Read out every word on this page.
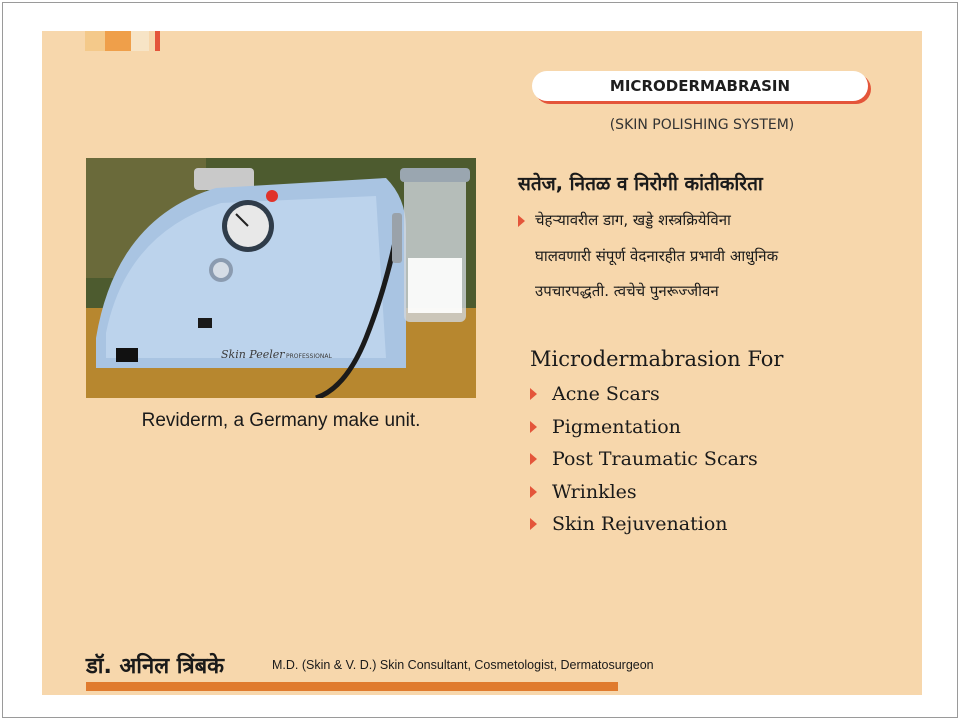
MICRODERMABRASIN
(SKIN POLISHING SYSTEM)
Skin Peeler PROFESSIONAL
Reviderm, a Germany make unit.
सतेज, नितळ व निरोगी कांतीकरिता
चेहऱ्यावरील डाग, खड्डे शस्त्रक्रियेविना
घालवणारी संपूर्ण वेदनारहीत प्रभावी आधुनिक
उपचारपद्धती. त्वचेचे पुनरूज्जीवन
Microdermabrasion For
Acne Scars
Pigmentation
Post Traumatic Scars
Wrinkles
Skin Rejuvenation
डॉ. अनिल त्रिंबके	M.D. (Skin & V. D.) Skin Consultant, Cosmetologist, Dermatosurgeon
